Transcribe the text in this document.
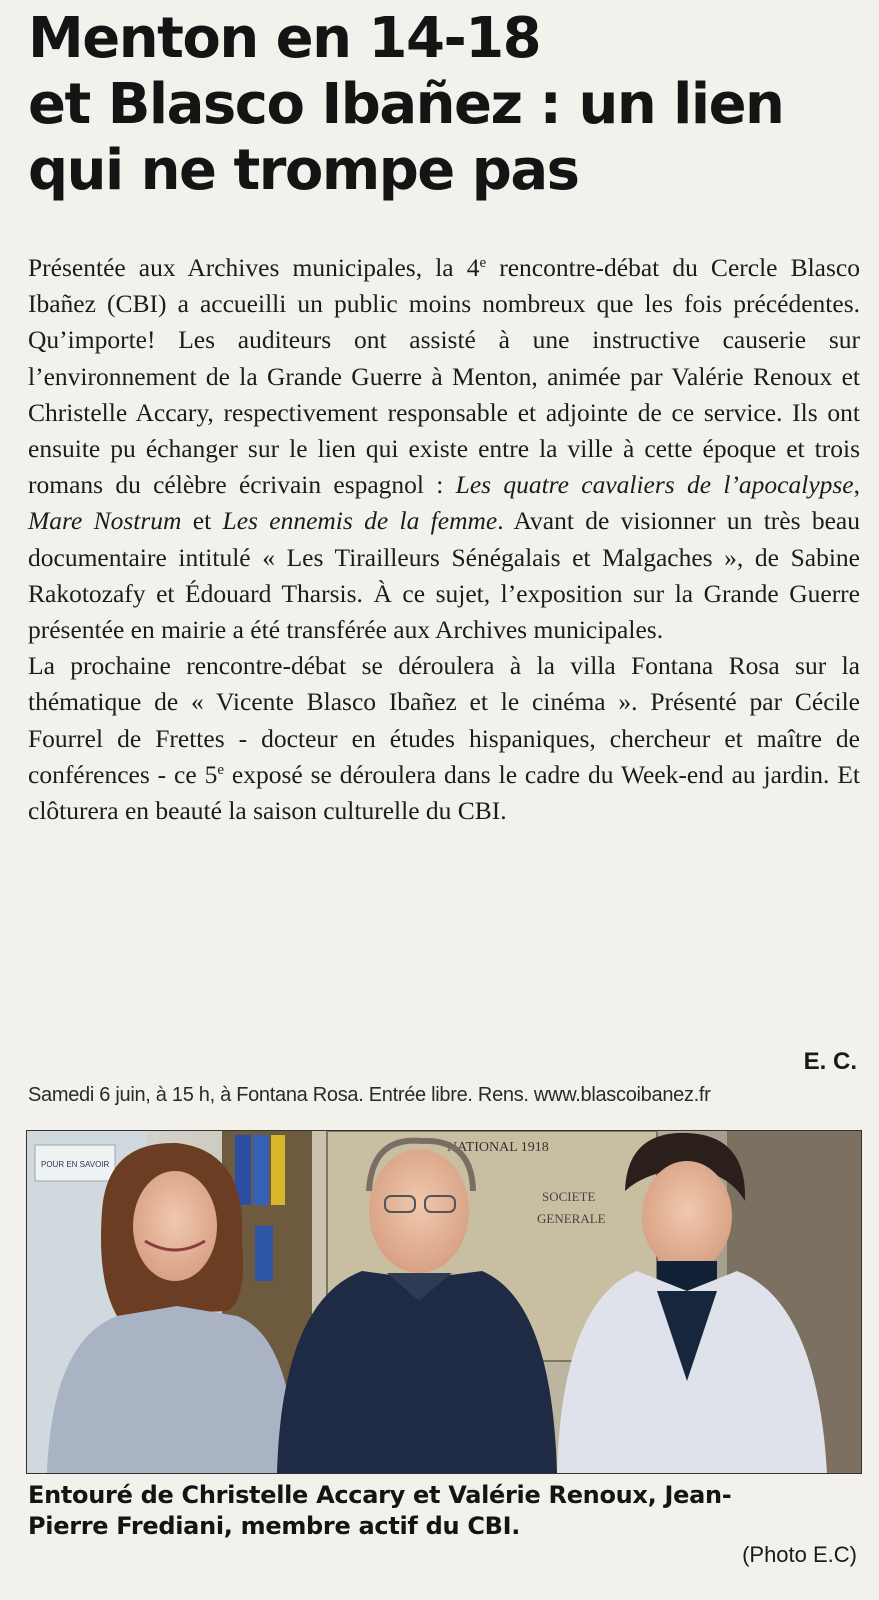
Menton en 14-18
et Blasco Ibañez : un lien
qui ne trompe pas

Présentée aux Archives municipales, la 4e rencontre-débat du Cercle Blasco Ibañez (CBI) a accueilli un public moins nombreux que les fois précédentes. Qu’importe! Les auditeurs ont assisté à une instructive causerie sur l’environnement de la Grande Guerre à Menton, animée par Valérie Renoux et Christelle Accary, respectivement responsable et adjointe de ce service. Ils ont ensuite pu échanger sur le lien qui existe entre la ville à cette époque et trois romans du célèbre écrivain espagnol : Les quatre cavaliers de l’apocalypse, Mare Nostrum et Les ennemis de la femme. Avant de visionner un très beau documentaire intitulé « Les Tirailleurs Sénégalais et Malgaches », de Sabine Rakotozafy et Édouard Tharsis. À ce sujet, l’exposition sur la Grande Guerre présentée en mairie a été transférée aux Archives municipales.

La prochaine rencontre-débat se déroulera à la villa Fontana Rosa sur la thématique de « Vicente Blasco Ibañez et le cinéma ». Présenté par Cécile Fourrel de Frettes - docteur en études hispaniques, chercheur et maître de conférences - ce 5e exposé se déroulera dans le cadre du Week-end au jardin. Et clôturera en beauté la saison culturelle du CBI.

E. C.
Samedi 6 juin, à 15 h, à Fontana Rosa. Entrée libre. Rens. www.blascoibanez.fr
POUR EN SAVOIR
NATIONAL 1918
SOCIETE
GENERALE
Entouré de Christelle Accary et Valérie Renoux, Jean-
Pierre Frediani, membre actif du CBI.
(Photo E.C)
